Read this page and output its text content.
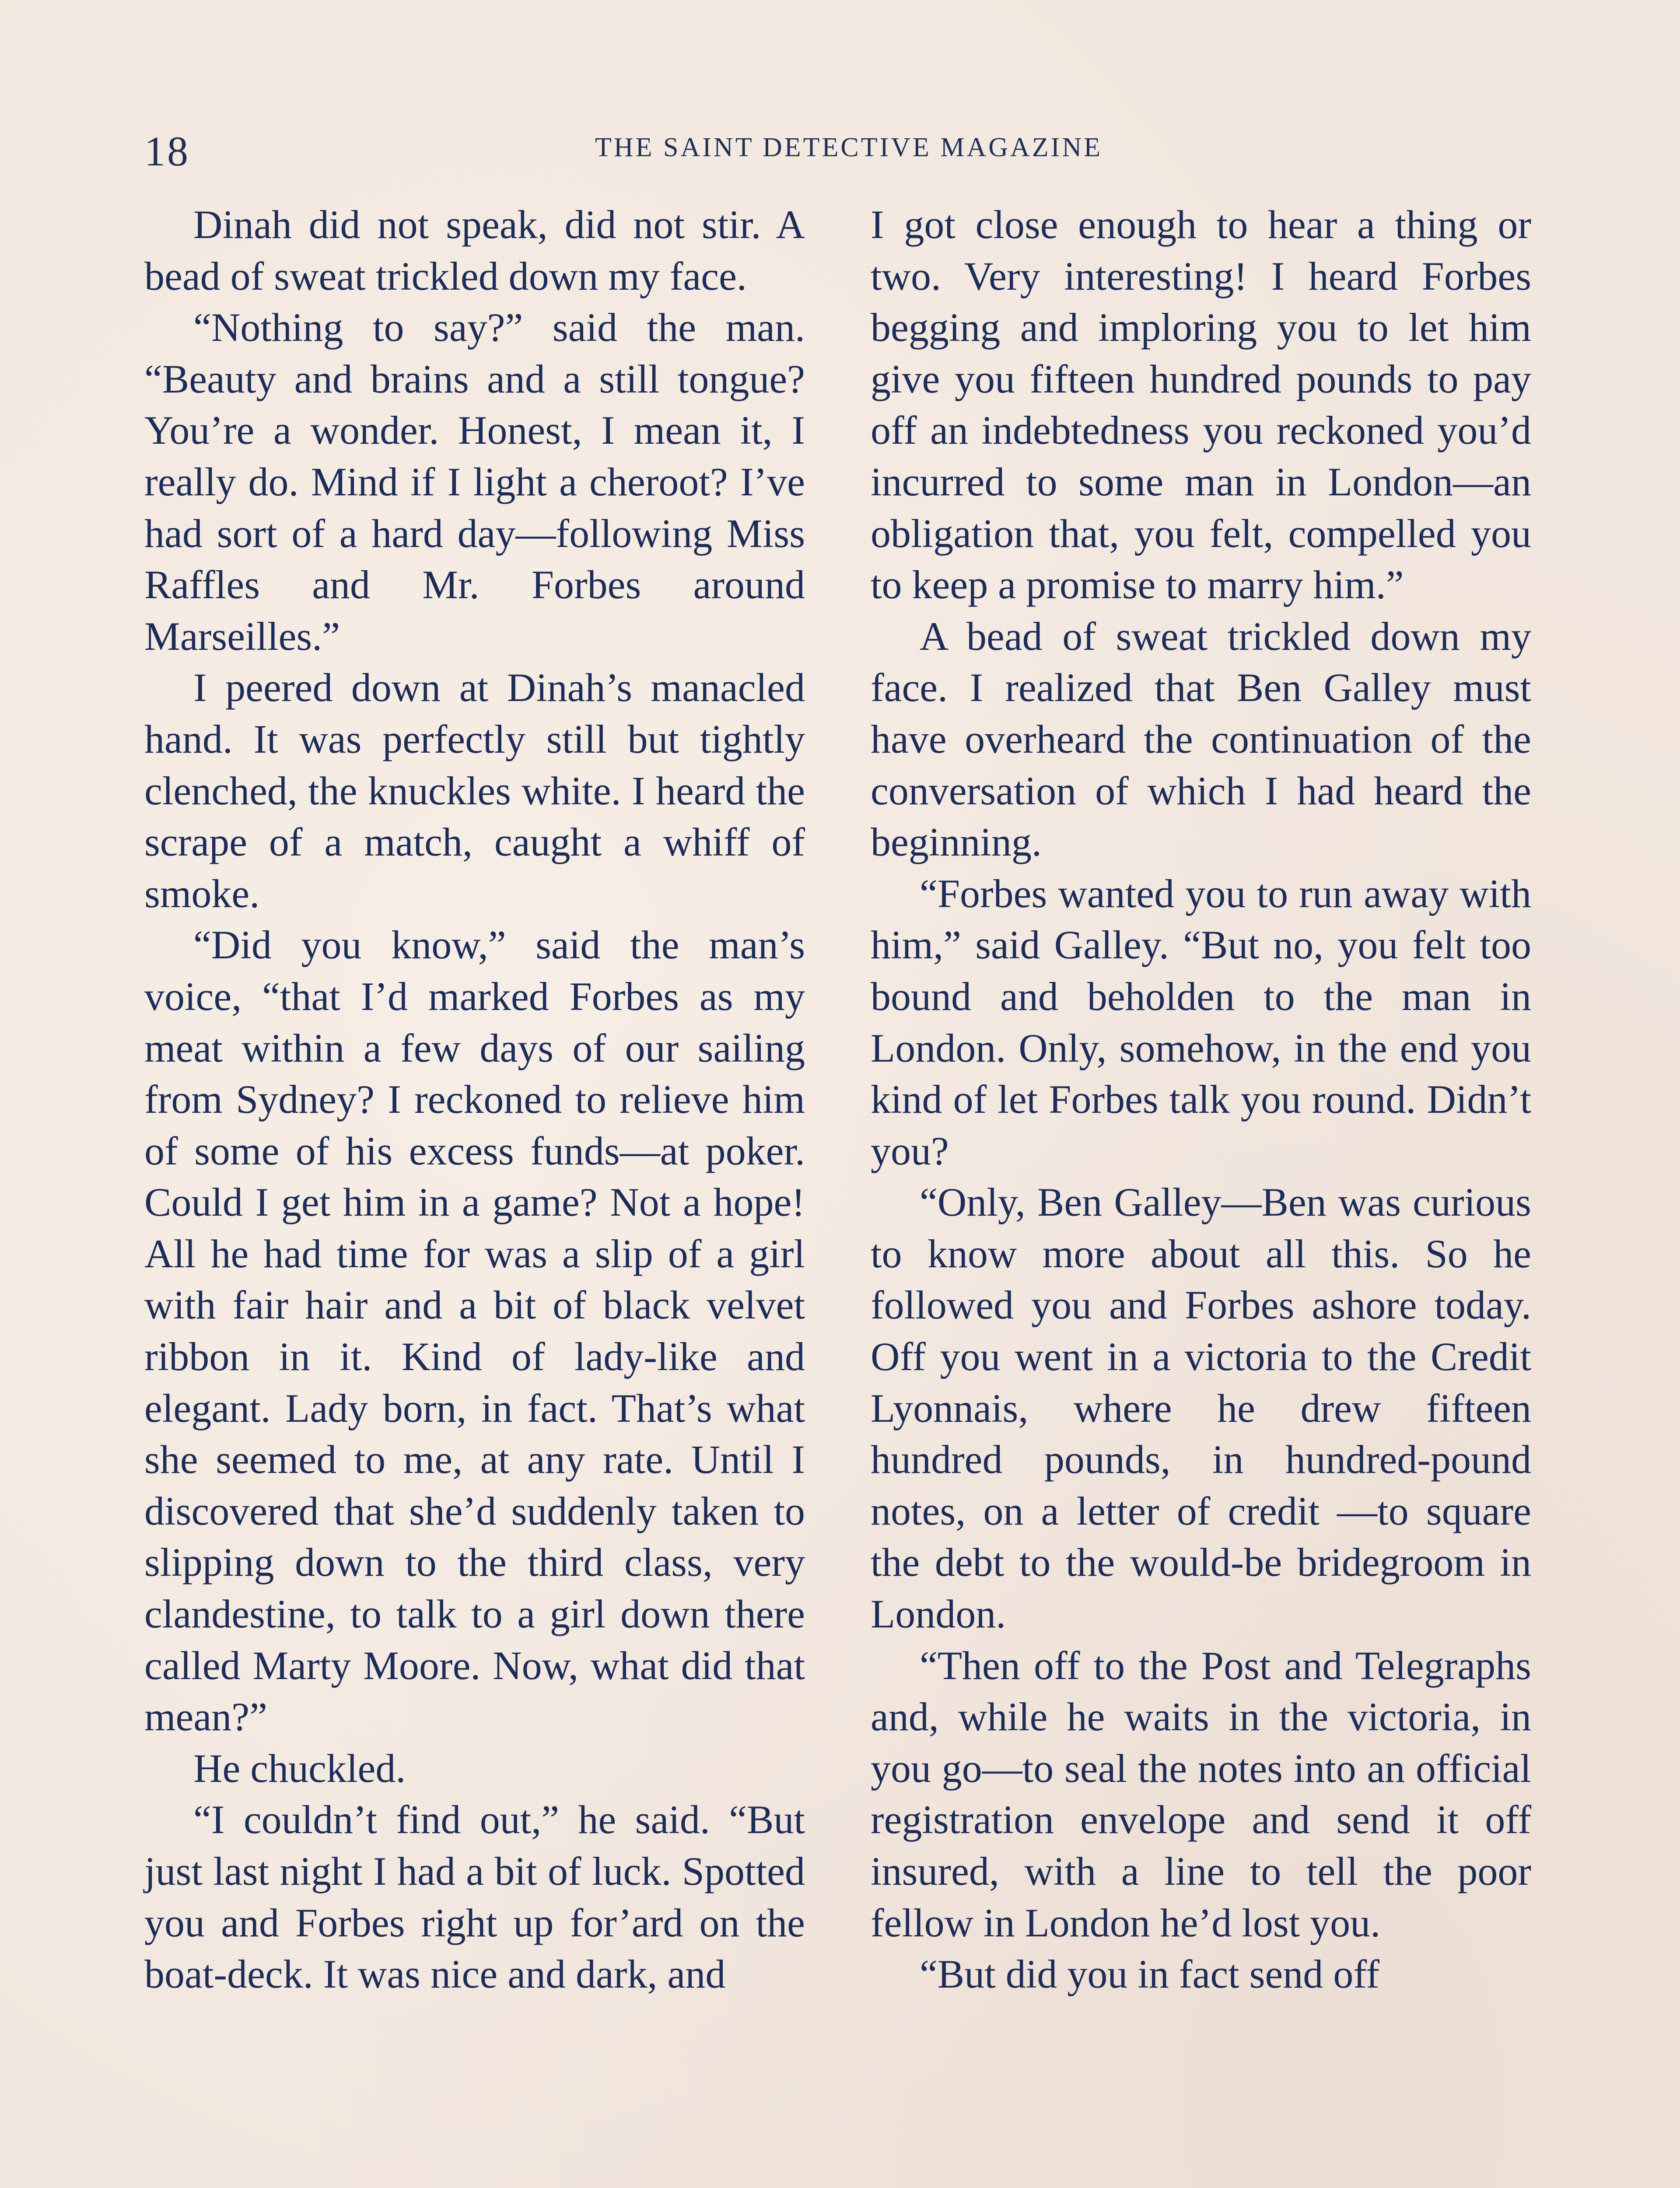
18	THE SAINT DETECTIVE MAGAZINE

Dinah did not speak, did not stir. A bead of sweat trickled down my face.

“Nothing to say?” said the man. “Beauty and brains and a still tongue? You’re a wonder. Honest, I mean it, I really do. Mind if I light a cheroot? I’ve had sort of a hard day—following Miss Raffles and Mr. Forbes around Marseilles.”

I peered down at Dinah’s manacled hand. It was perfectly still but tightly clenched, the knuckles white. I heard the scrape of a match, caught a whiff of smoke.

“Did you know,” said the man’s voice, “that I’d marked Forbes as my meat within a few days of our sailing from Sydney? I reckoned to relieve him of some of his excess funds—at poker. Could I get him in a game? Not a hope! All he had time for was a slip of a girl with fair hair and a bit of black velvet ribbon in it. Kind of lady-like and elegant. Lady born, in fact. That’s what she seemed to me, at any rate. Until I discovered that she’d suddenly taken to slipping down to the third class, very clandestine, to talk to a girl down there called Marty Moore. Now, what did that mean?”

He chuckled.

“I couldn’t find out,” he said. “But just last night I had a bit of luck. Spotted you and Forbes right up for’ard on the boat-deck. It was nice and dark, and

I got close enough to hear a thing or two. Very interesting! I heard Forbes begging and imploring you to let him give you fifteen hundred pounds to pay off an indebtedness you reckoned you’d incurred to some man in London—an obligation that, you felt, compelled you to keep a promise to marry him.”

A bead of sweat trickled down my face. I realized that Ben Galley must have overheard the continuation of the conversation of which I had heard the beginning.

“Forbes wanted you to run away with him,” said Galley. “But no, you felt too bound and beholden to the man in London. Only, somehow, in the end you kind of let Forbes talk you round. Didn’t you?

“Only, Ben Galley—Ben was curious to know more about all this. So he followed you and Forbes ashore today. Off you went in a victoria to the Credit Lyonnais, where he drew fifteen hundred pounds, in hundred-pound notes, on a letter of credit —to square the debt to the would-be bridegroom in London.

“Then off to the Post and Telegraphs and, while he waits in the victoria, in you go—to seal the notes into an official registration envelope and send it off insured, with a line to tell the poor fellow in London he’d lost you.

“But did you in fact send off
